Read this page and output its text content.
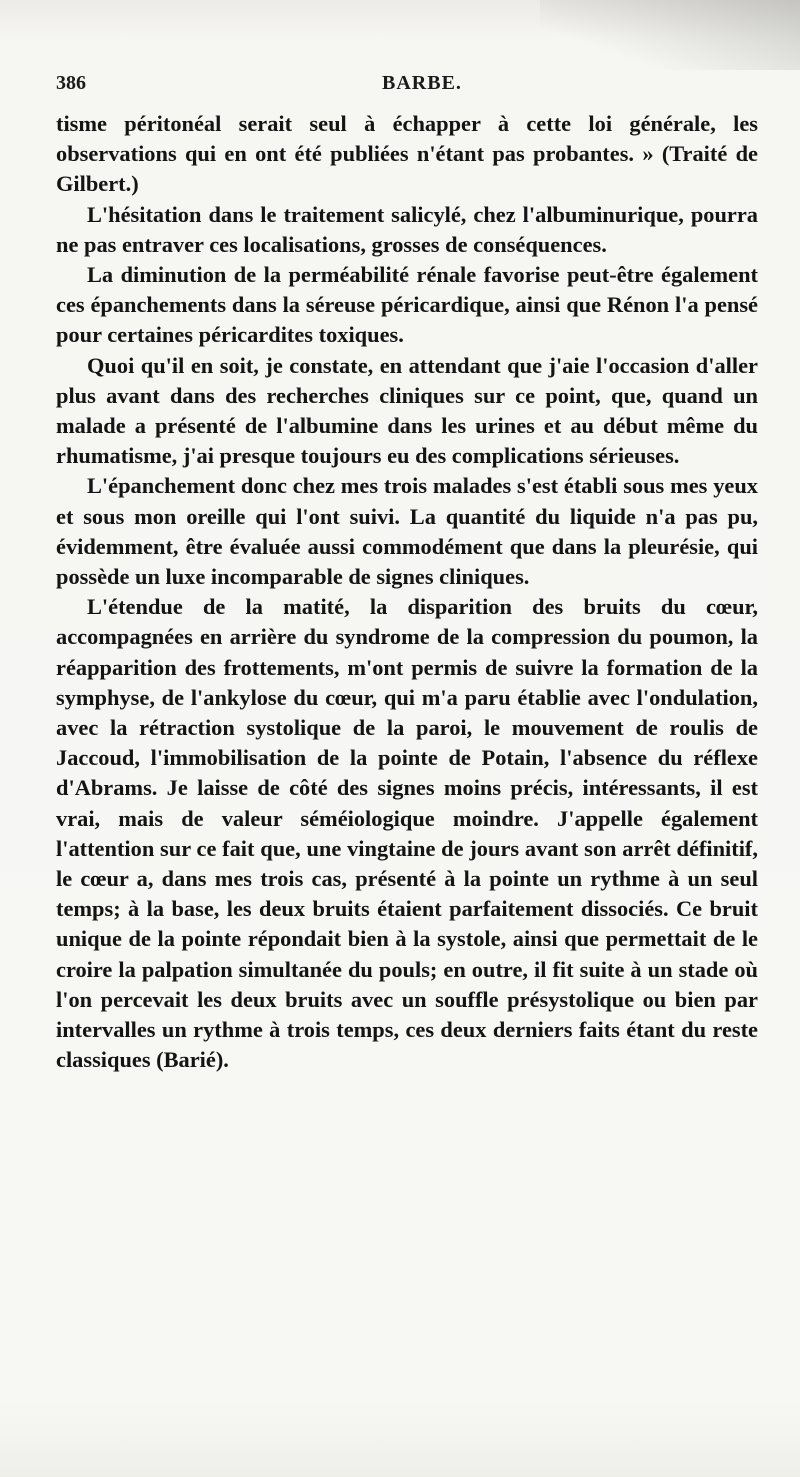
386	BARBE.

tisme péritonéal serait seul à échapper à cette loi générale, les observations qui en ont été publiées n'étant pas probantes. » (Traité de Gilbert.)

L'hésitation dans le traitement salicylé, chez l'albuminurique, pourra ne pas entraver ces localisations, grosses de conséquences.

La diminution de la perméabilité rénale favorise peut-être également ces épanchements dans la séreuse péricardique, ainsi que Rénon l'a pensé pour certaines péricardites toxiques.

Quoi qu'il en soit, je constate, en attendant que j'aie l'occasion d'aller plus avant dans des recherches cliniques sur ce point, que, quand un malade a présenté de l'albumine dans les urines et au début même du rhumatisme, j'ai presque toujours eu des complications sérieuses.

L'épanchement donc chez mes trois malades s'est établi sous mes yeux et sous mon oreille qui l'ont suivi. La quantité du liquide n'a pas pu, évidemment, être évaluée aussi commodément que dans la pleurésie, qui possède un luxe incomparable de signes cliniques.

L'étendue de la matité, la disparition des bruits du cœur, accompagnées en arrière du syndrome de la compression du poumon, la réapparition des frottements, m'ont permis de suivre la formation de la symphyse, de l'ankylose du cœur, qui m'a paru établie avec l'ondulation, avec la rétraction systolique de la paroi, le mouvement de roulis de Jaccoud, l'immobilisation de la pointe de Potain, l'absence du réflexe d'Abrams. Je laisse de côté des signes moins précis, intéressants, il est vrai, mais de valeur séméiologique moindre. J'appelle également l'attention sur ce fait que, une vingtaine de jours avant son arrêt définitif, le cœur a, dans mes trois cas, présenté à la pointe un rythme à un seul temps; à la base, les deux bruits étaient parfaitement dissociés. Ce bruit unique de la pointe répondait bien à la systole, ainsi que permettait de le croire la palpation simultanée du pouls; en outre, il fit suite à un stade où l'on percevait les deux bruits avec un souffle présystolique ou bien par intervalles un rythme à trois temps, ces deux derniers faits étant du reste classiques (Barié).
